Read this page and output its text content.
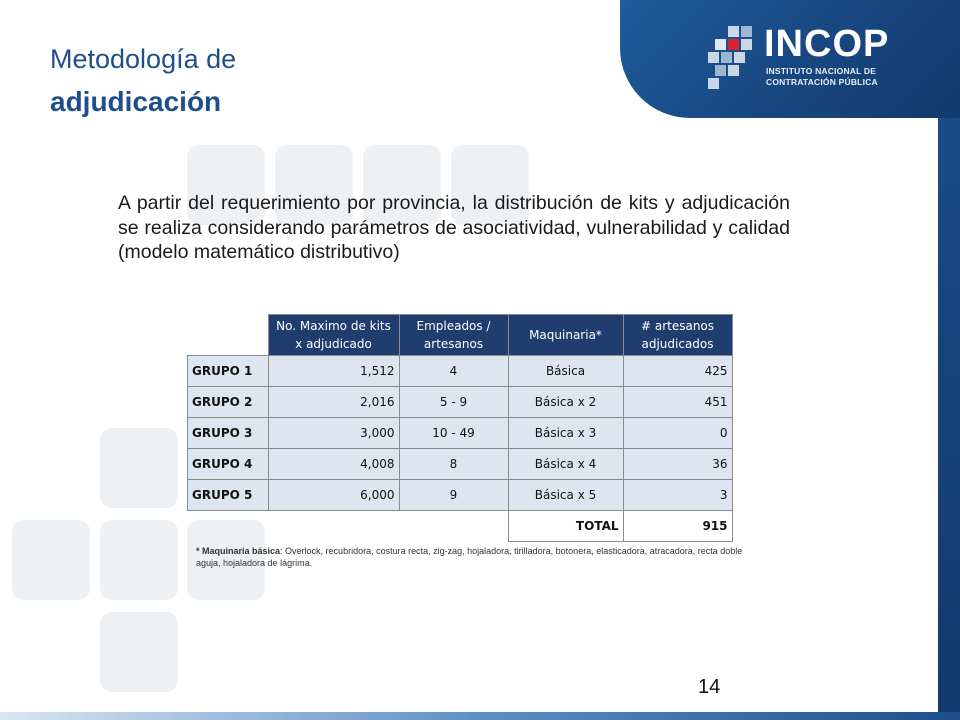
INCOP
INSTITUTO NACIONAL DE
CONTRATACIÓN PÚBLICA
Metodología de
adjudicación
A partir del requerimiento por provincia, la distribución de kits y adjudicación se realiza considerando parámetros de asociatividad, vulnerabilidad y calidad (modelo matemático distributivo)
	No. Maximo de kits x adjudicado	Empleados / artesanos	Maquinaria*	# artesanos adjudicados
GRUPO 1	1,512	4	Básica	425
GRUPO 2	2,016	5 - 9	Básica x 2	451
GRUPO 3	3,000	10 - 49	Básica x 3	0
GRUPO 4	4,008	8	Básica x 4	36
GRUPO 5	6,000	9	Básica x 5	3
			TOTAL	915
* Maquinaria básica: Overlock, recubridora, costura recta, zig-zag, hojaladora, tirilladora, botonera, elasticadora, atracadora, recta doble aguja, hojaladora de lágrima.
14
